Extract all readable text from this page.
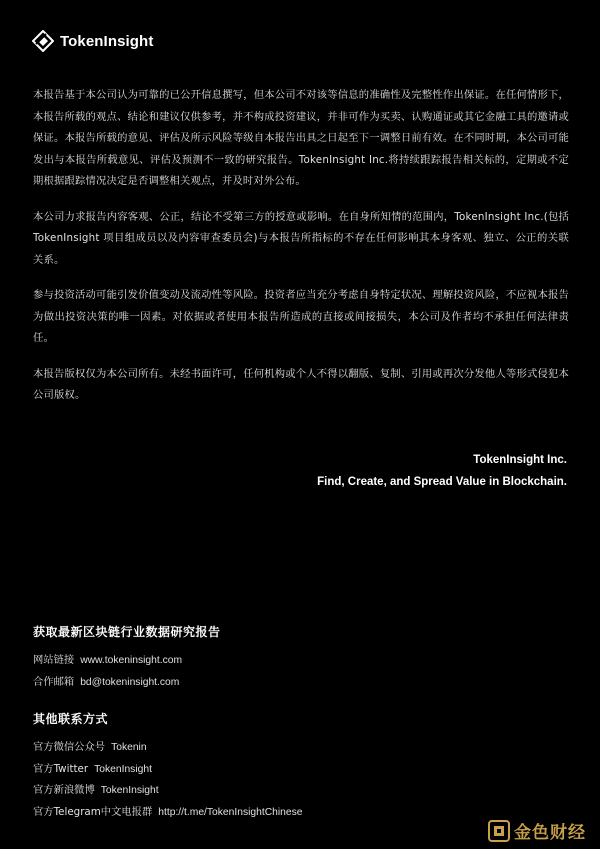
TokenInsight

本报告基于本公司认为可靠的已公开信息撰写，但本公司不对该等信息的准确性及完整性作出保证。在任何情形下，本报告所载的观点、结论和建议仅供参考，并不构成投资建议，并非可作为买卖、认购通证或其它金融工具的邀请或保证。本报告所载的意见、评估及所示风险等级自本报告出具之日起至下一调整日前有效。在不同时期，本公司可能发出与本报告所载意见、评估及预测不一致的研究报告。TokenInsight Inc.将持续跟踪报告相关标的，定期或不定期根据跟踪情况决定是否调整相关观点，并及时对外公布。

本公司力求报告内容客观、公正，结论不受第三方的授意或影响。在自身所知情的范围内，TokenInsight Inc.(包括 TokenInsight 项目组成员以及内容审查委员会)与本报告所指标的不存在任何影响其本身客观、独立、公正的关联关系。

参与投资活动可能引发价值变动及流动性等风险。投资者应当充分考虑自身特定状况、理解投资风险，不应视本报告为做出投资决策的唯一因素。对依据或者使用本报告所造成的直接或间接损失，本公司及作者均不承担任何法律责任。

本报告版权仅为本公司所有。未经书面许可，任何机构或个人不得以翻版、复制、引用或再次分发他人等形式侵犯本公司版权。

TokenInsight Inc.
Find, Create, and Spread Value in Blockchain.
获取最新区块链行业数据研究报告
网站链接 www.tokeninsight.com
合作邮箱 bd@tokeninsight.com
其他联系方式
官方微信公众号 Tokenin
官方Twitter TokenInsight
官方新浪微博 TokenInsight
官方Telegram中文电报群 http://t.me/TokenInsightChinese
金色财经
